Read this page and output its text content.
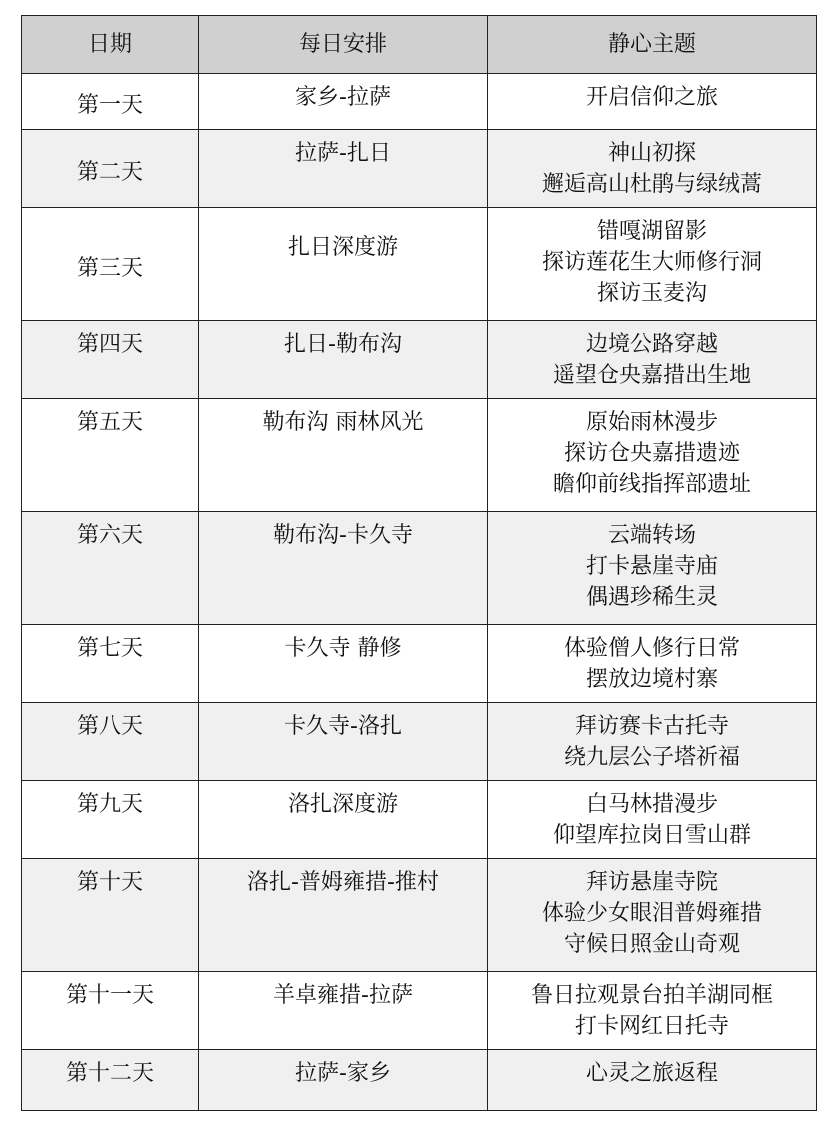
日期	每日安排	静心主题
第一天	家乡-拉萨	开启信仰之旅

第二天	拉萨-扎日	神山初探
邂逅高山杜鹃与绿绒蒿

第三天	扎日深度游	错嘎湖留影
探访莲花生大师修行洞
探访玉麦沟

第四天	扎日-勒布沟	边境公路穿越
遥望仓央嘉措出生地

第五天	勒布沟 雨林风光	原始雨林漫步
探访仓央嘉措遗迹
瞻仰前线指挥部遗址

第六天	勒布沟-卡久寺	云端转场
打卡悬崖寺庙
偶遇珍稀生灵

第七天	卡久寺 静修	体验僧人修行日常
摆放边境村寨

第八天	卡久寺-洛扎	拜访赛卡古托寺
绕九层公子塔祈福

第九天	洛扎深度游	白马林措漫步
仰望库拉岗日雪山群

第十天	洛扎-普姆雍措-推村	拜访悬崖寺院
体验少女眼泪普姆雍措
守候日照金山奇观

第十一天	羊卓雍措-拉萨	鲁日拉观景台拍羊湖同框
打卡网红日托寺

第十二天	拉萨-家乡	心灵之旅返程
